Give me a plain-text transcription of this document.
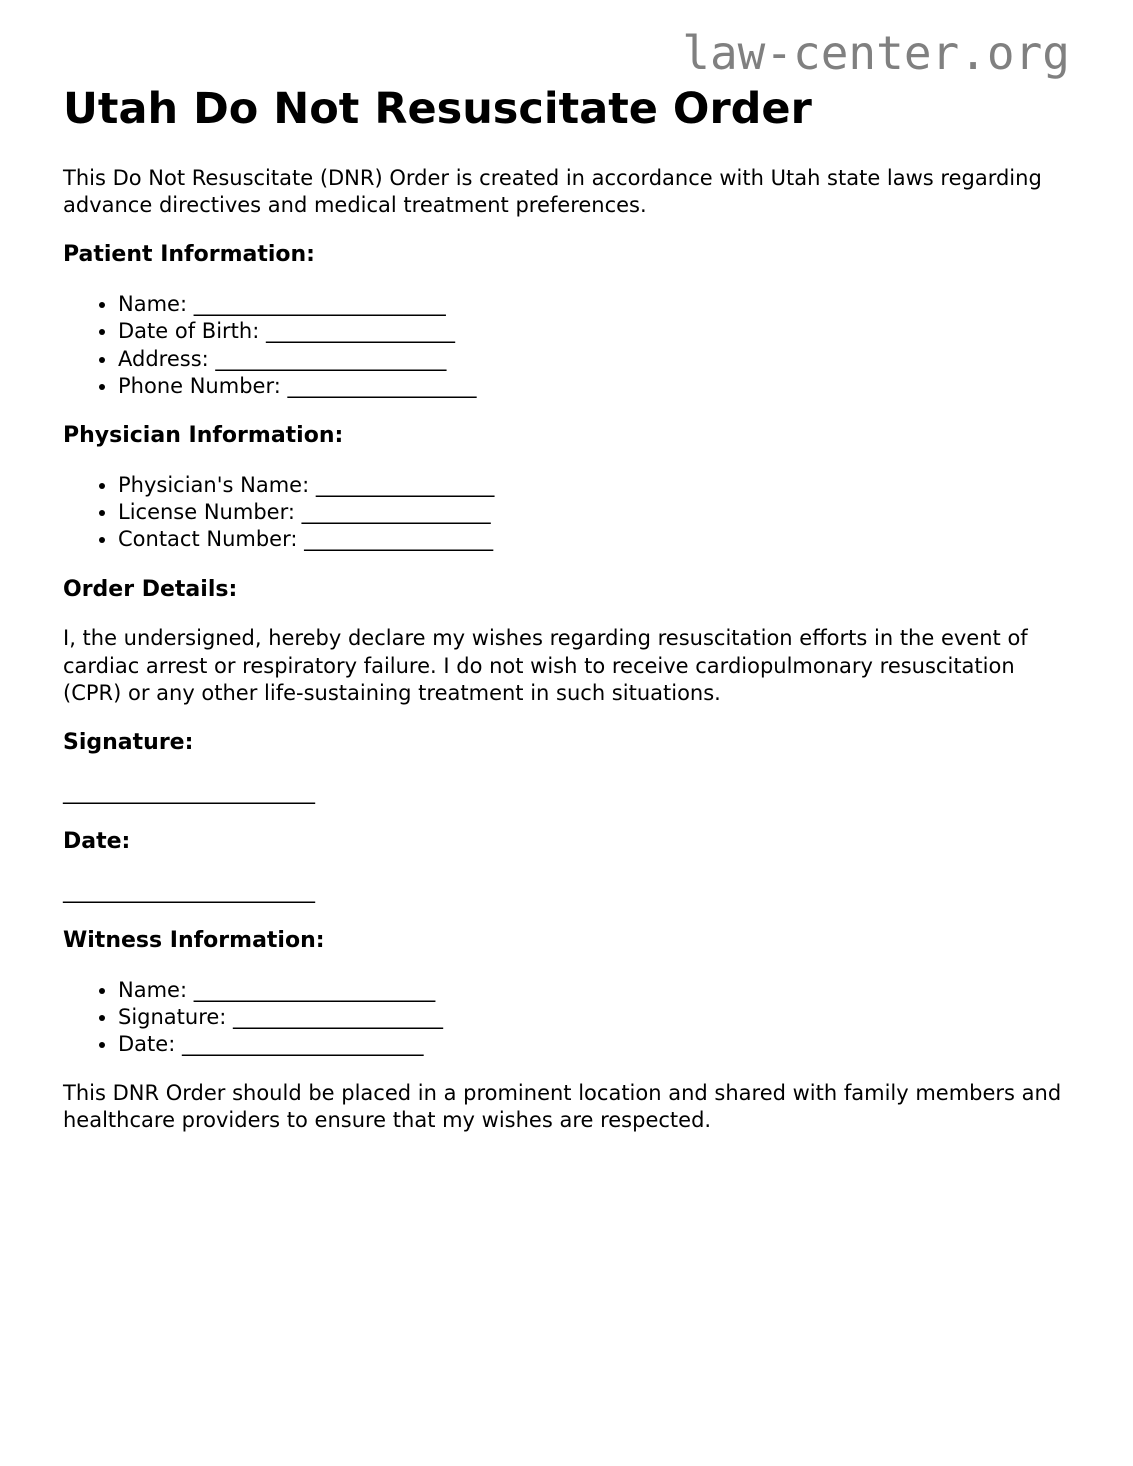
law-center.org
Utah Do Not Resuscitate Order

This Do Not Resuscitate (DNR) Order is created in accordance with Utah state laws regarding advance directives and medical treatment preferences.

Patient Information:
• Name: ________________________
• Date of Birth: __________________
• Address: ______________________
• Phone Number: __________________
Physician Information:
• Physician's Name: _________________
• License Number: __________________
• Contact Number: __________________
Order Details:

I, the undersigned, hereby declare my wishes regarding resuscitation efforts in the event of cardiac arrest or respiratory failure. I do not wish to receive cardiopulmonary resuscitation (CPR) or any other life-sustaining treatment in such situations.

Signature:

________________________

Date:

________________________

Witness Information:
• Name: _______________________
• Signature: ____________________
• Date: _______________________

This DNR Order should be placed in a prominent location and shared with family members and healthcare providers to ensure that my wishes are respected.
